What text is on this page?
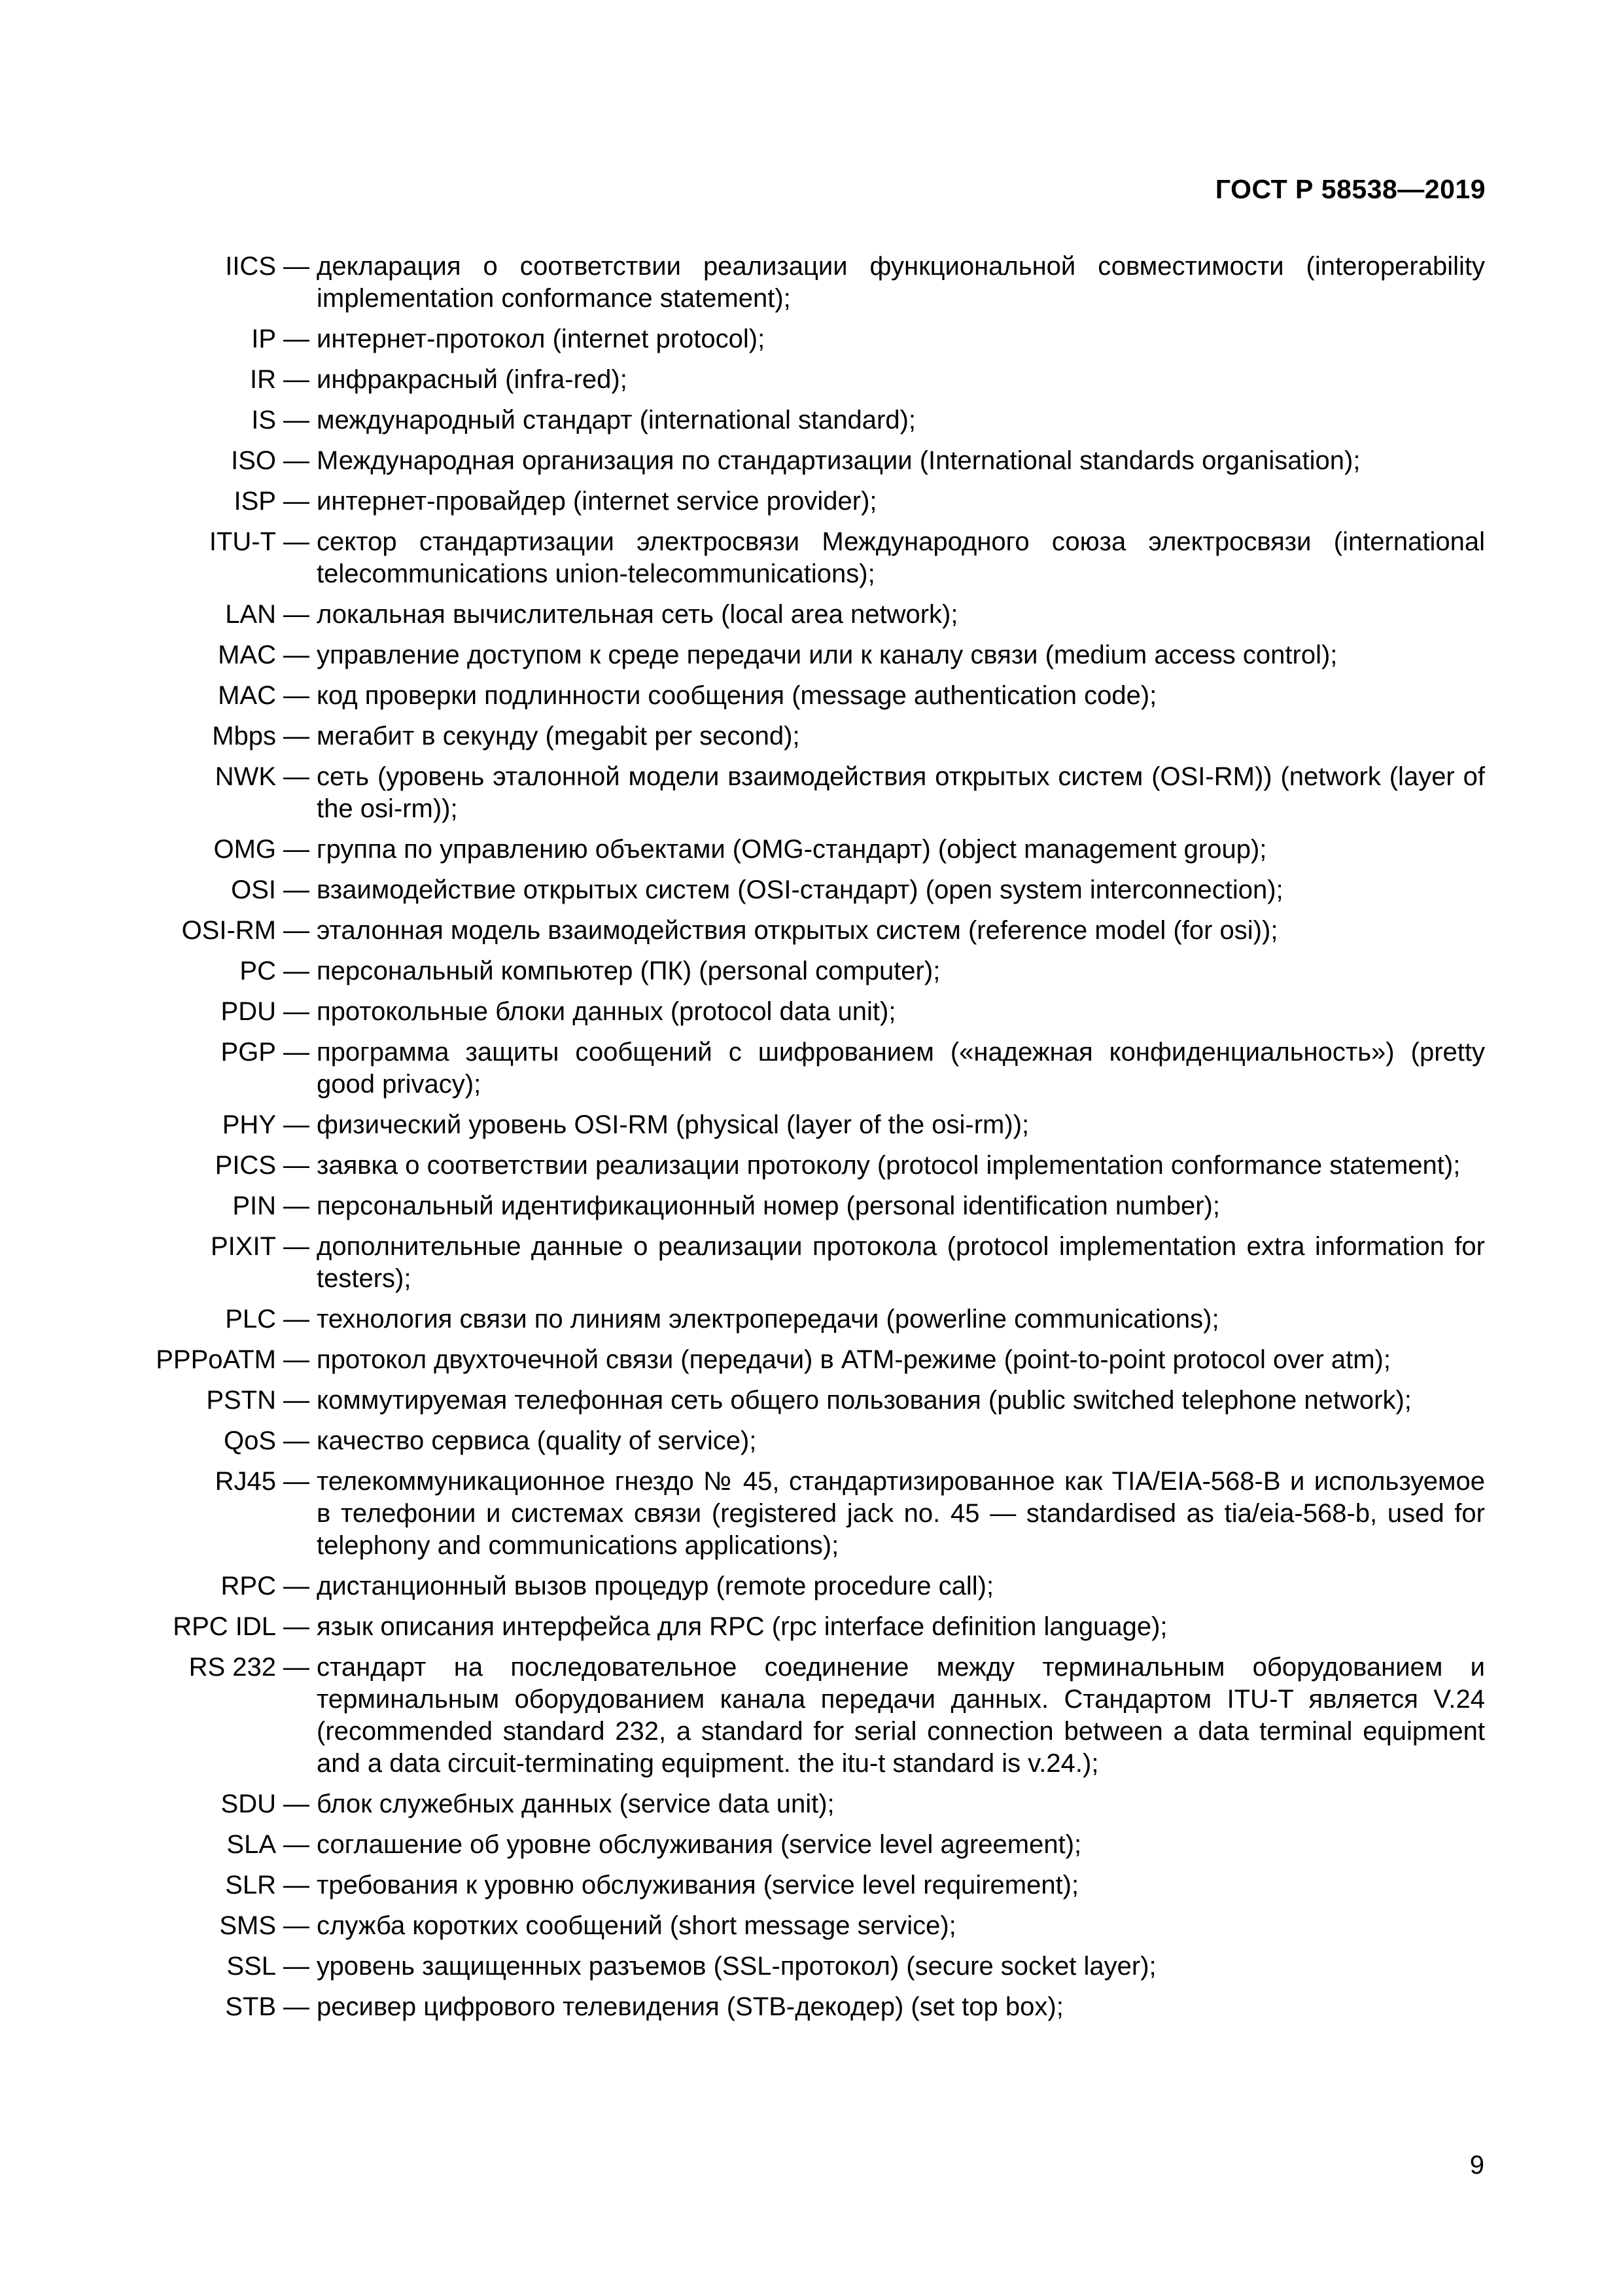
ГОСТ Р 58538—2019
IICS — декларация о соответствии реализации функциональной совместимости (interoperability implementation conformance statement);
IP — интернет-протокол (internet protocol);
IR — инфракрасный (infra-red);
IS — международный стандарт (international standard);
ISO — Международная организация по стандартизации (International standards organisation);
ISP — интернет-провайдер (internet service provider);
ITU-T — сектор стандартизации электросвязи Международного союза электросвязи (international telecommunications union-telecommunications);
LAN — локальная вычислительная сеть (local area network);
MAC — управление доступом к среде передачи или к каналу связи (medium access control);
MAC — код проверки подлинности сообщения (message authentication code);
Mbps — мегабит в секунду (megabit per second);
NWK — сеть (уровень эталонной модели взаимодействия открытых систем (OSI-RM)) (network (layer of the osi-rm));
OMG — группа по управлению объектами (OMG-стандарт) (object management group);
OSI — взаимодействие открытых систем (OSI-стандарт) (open system interconnection);
OSI-RM — эталонная модель взаимодействия открытых систем (reference model (for osi));
PC — персональный компьютер (ПК) (personal computer);
PDU — протокольные блоки данных (protocol data unit);
PGP — программа защиты сообщений с шифрованием («надежная конфиденциальность») (pretty good privacy);
PHY — физический уровень OSI-RM (physical (layer of the osi-rm));
PICS — заявка о соответствии реализации протоколу (protocol implementation conformance statement);
PIN — персональный идентификационный номер (personal identification number);
PIXIT — дополнительные данные о реализации протокола (protocol implementation extra information for testers);
PLC — технология связи по линиям электропередачи (powerline communications);
PPPoATM — протокол двухточечной связи (передачи) в ATM-режиме (point-to-point protocol over atm);
PSTN — коммутируемая телефонная сеть общего пользования (public switched telephone network);
QoS — качество сервиса (quality of service);
RJ45 — телекоммуникационное гнездо № 45, стандартизированное как TIA/EIA-568-B и используемое в телефонии и системах связи (registered jack no. 45 — standardised as tia/eia-568-b, used for telephony and communications applications);
RPC — дистанционный вызов процедур (remote procedure call);
RPC IDL — язык описания интерфейса для RPC (rpc interface definition language);
RS 232 — стандарт на последовательное соединение между терминальным оборудованием и терминальным оборудованием канала передачи данных. Стандартом ITU-T является V.24 (recommended standard 232, a standard for serial connection between a data terminal equipment and a data circuit-terminating equipment. the itu-t standard is v.24.);
SDU — блок служебных данных (service data unit);
SLA — соглашение об уровне обслуживания (service level agreement);
SLR — требования к уровню обслуживания (service level requirement);
SMS — служба коротких сообщений (short message service);
SSL — уровень защищенных разъемов (SSL-протокол) (secure socket layer);
STB — ресивер цифрового телевидения (STB-декодер) (set top box);
9
